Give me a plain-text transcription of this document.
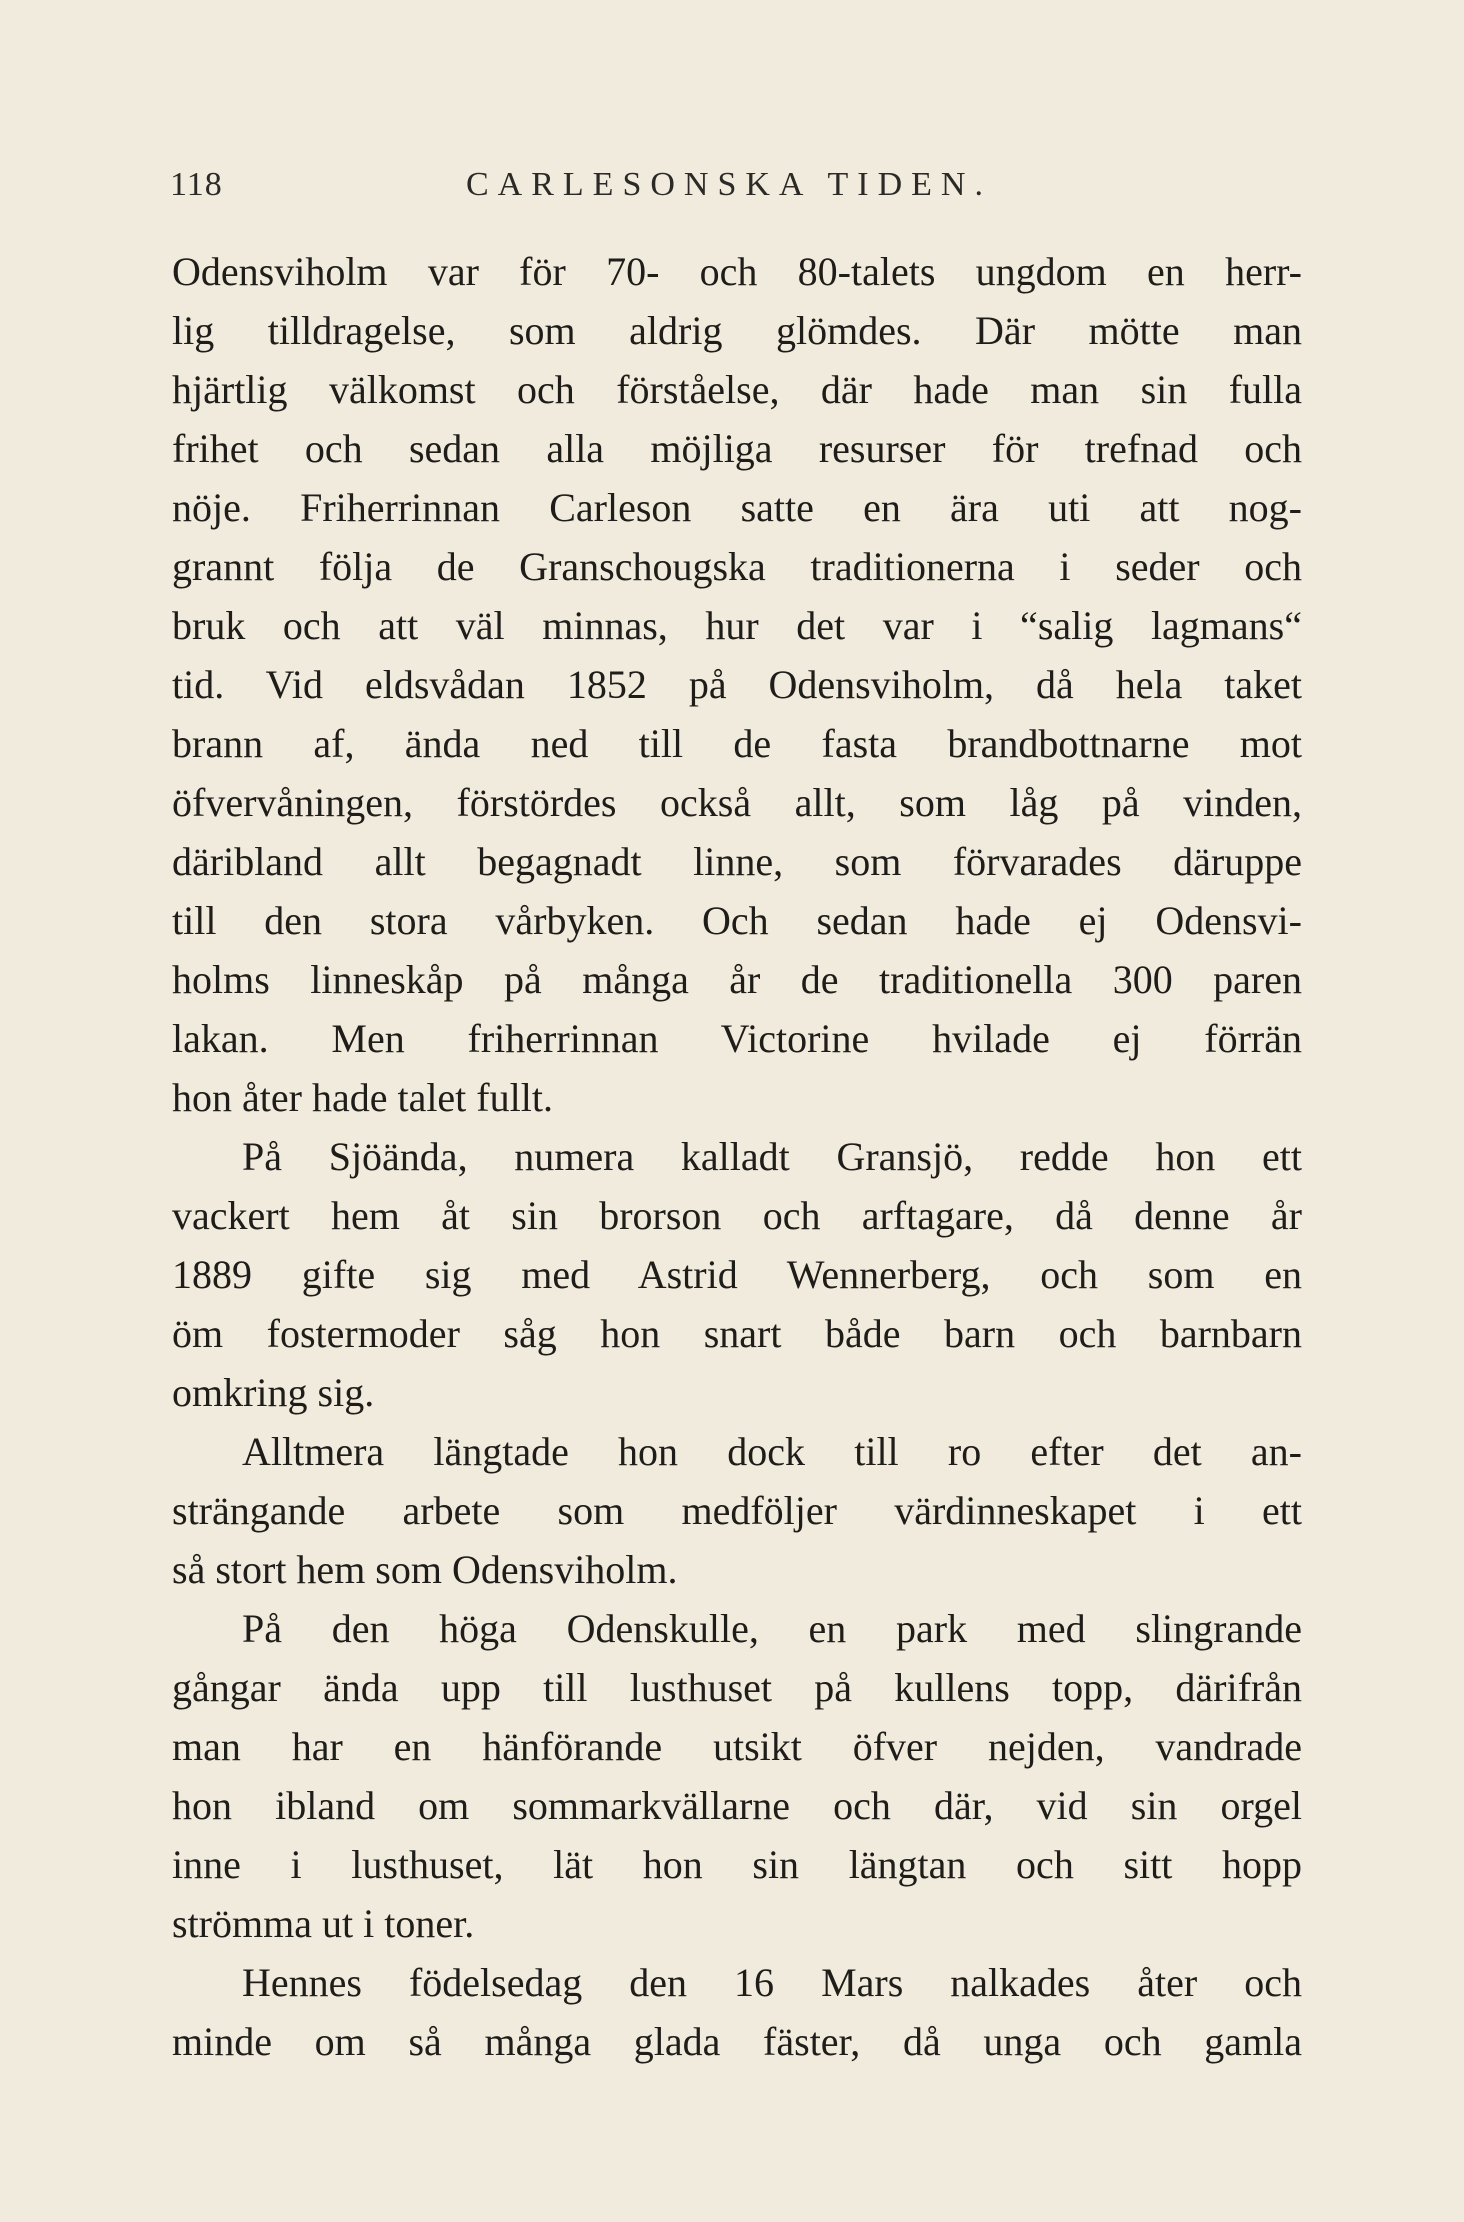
118	CARLESONSKA TIDEN.
Odensviholm var för 70- och 80-talets ungdom en herr-
lig tilldragelse, som aldrig glömdes. Där mötte man
hjärtlig välkomst och förståelse, där hade man sin fulla
frihet och sedan alla möjliga resurser för trefnad och
nöje. Friherrinnan Carleson satte en ära uti att nog-
grannt följa de Granschougska traditionerna i seder och
bruk och att väl minnas, hur det var i “salig lagmans“
tid. Vid eldsvådan 1852 på Odensviholm, då hela taket
brann af, ända ned till de fasta brandbottnarne mot
öfvervåningen, förstördes också allt, som låg på vinden,
däribland allt begagnadt linne, som förvarades däruppe
till den stora vårbyken. Och sedan hade ej Odensvi-
holms linneskåp på många år de traditionella 300 paren
lakan. Men friherrinnan Victorine hvilade ej förrän
hon åter hade talet fullt.
På Sjöända, numera kalladt Gransjö, redde hon ett
vackert hem åt sin brorson och arftagare, då denne år
1889 gifte sig med Astrid Wennerberg, och som en
öm fostermoder såg hon snart både barn och barnbarn
omkring sig.
Alltmera längtade hon dock till ro efter det an-
strängande arbete som medföljer värdinneskapet i ett
så stort hem som Odensviholm.
På den höga Odenskulle, en park med slingrande
gångar ända upp till lusthuset på kullens topp, därifrån
man har en hänförande utsikt öfver nejden, vandrade
hon ibland om sommarkvällarne och där, vid sin orgel
inne i lusthuset, lät hon sin längtan och sitt hopp
strömma ut i toner.
Hennes födelsedag den 16 Mars nalkades åter och
minde om så många glada fäster, då unga och gamla
